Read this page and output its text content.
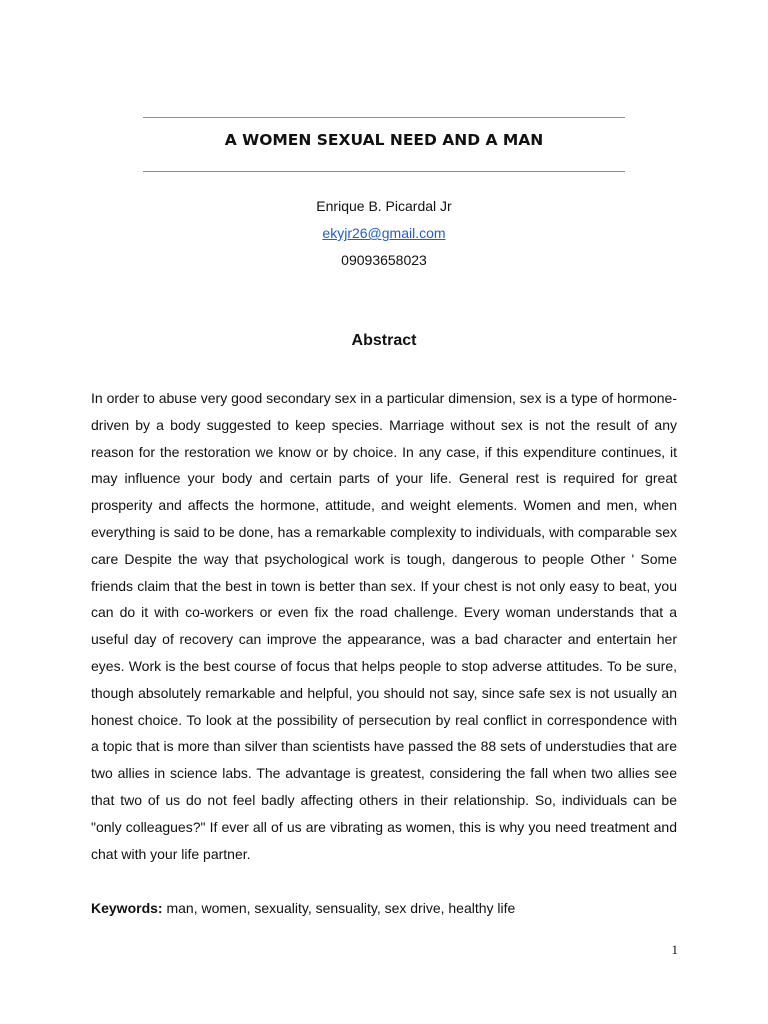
A WOMEN SEXUAL NEED AND A MAN
Enrique B. Picardal Jr
ekyjr26@gmail.com
09093658023
Abstract
In order to abuse very good secondary sex in a particular dimension, sex is a type of hormone-driven by a body suggested to keep species. Marriage without sex is not the result of any reason for the restoration we know or by choice. In any case, if this expenditure continues, it may influence your body and certain parts of your life. General rest is required for great prosperity and affects the hormone, attitude, and weight elements. Women and men, when everything is said to be done, has a remarkable complexity to individuals, with comparable sex care Despite the way that psychological work is tough, dangerous to people Other ' Some friends claim that the best in town is better than sex. If your chest is not only easy to beat, you can do it with co-workers or even fix the road challenge. Every woman understands that a useful day of recovery can improve the appearance, was a bad character and entertain her eyes. Work is the best course of focus that helps people to stop adverse attitudes. To be sure, though absolutely remarkable and helpful, you should not say, since safe sex is not usually an honest choice. To look at the possibility of persecution by real conflict in correspondence with a topic that is more than silver than scientists have passed the 88 sets of understudies that are two allies in science labs. The advantage is greatest, considering the fall when two allies see that two of us do not feel badly affecting others in their relationship. So, individuals can be "only colleagues?" If ever all of us are vibrating as women, this is why you need treatment and chat with your life partner.
Keywords: man, women, sexuality, sensuality, sex drive, healthy life
1
